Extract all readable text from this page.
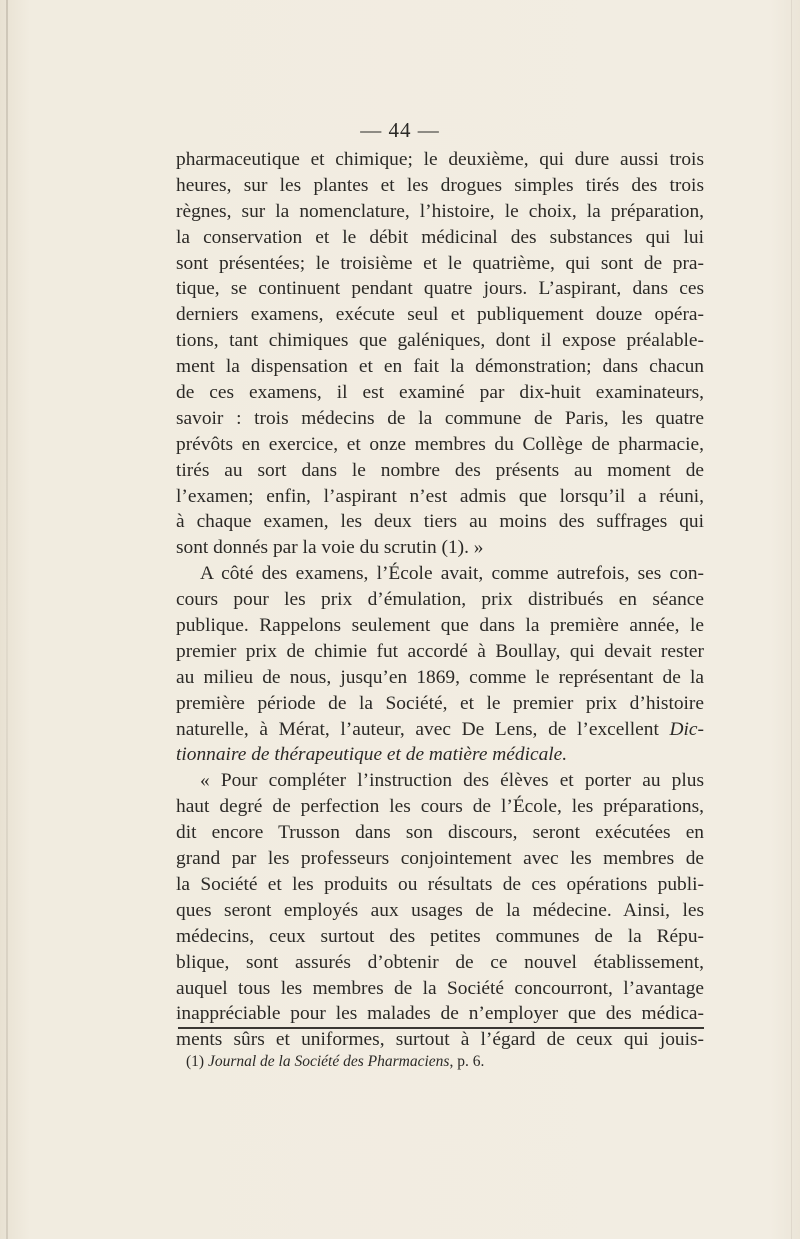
— 44 —
pharmaceutique et chimique; le deuxième, qui dure aussi trois
heures, sur les plantes et les drogues simples tirés des trois
règnes, sur la nomenclature, l’histoire, le choix, la préparation,
la conservation et le débit médicinal des substances qui lui
sont présentées; le troisième et le quatrième, qui sont de pra-
tique, se continuent pendant quatre jours. L’aspirant, dans ces
derniers examens, exécute seul et publiquement douze opéra-
tions, tant chimiques que galéniques, dont il expose préalable-
ment la dispensation et en fait la démonstration; dans chacun
de ces examens, il est examiné par dix-huit examinateurs,
savoir : trois médecins de la commune de Paris, les quatre
prévôts en exercice, et onze membres du Collège de pharmacie,
tirés au sort dans le nombre des présents au moment de
l’examen; enfin, l’aspirant n’est admis que lorsqu’il a réuni,
à chaque examen, les deux tiers au moins des suffrages qui
sont donnés par la voie du scrutin (1). »
A côté des examens, l’École avait, comme autrefois, ses con-
cours pour les prix d’émulation, prix distribués en séance
publique. Rappelons seulement que dans la première année, le
premier prix de chimie fut accordé à Boullay, qui devait rester
au milieu de nous, jusqu’en 1869, comme le représentant de la
première période de la Société, et le premier prix d’histoire
naturelle, à Mérat, l’auteur, avec De Lens, de l’excellent Dic-
tionnaire de thérapeutique et de matière médicale.
« Pour compléter l’instruction des élèves et porter au plus
haut degré de perfection les cours de l’École, les préparations,
dit encore Trusson dans son discours, seront exécutées en
grand par les professeurs conjointement avec les membres de
la Société et les produits ou résultats de ces opérations publi-
ques seront employés aux usages de la médecine. Ainsi, les
médecins, ceux surtout des petites communes de la Répu-
blique, sont assurés d’obtenir de ce nouvel établissement,
auquel tous les membres de la Société concourront, l’avantage
inappréciable pour les malades de n’employer que des médica-
ments sûrs et uniformes, surtout à l’égard de ceux qui jouis-
(1) Journal de la Société des Pharmaciens, p. 6.
